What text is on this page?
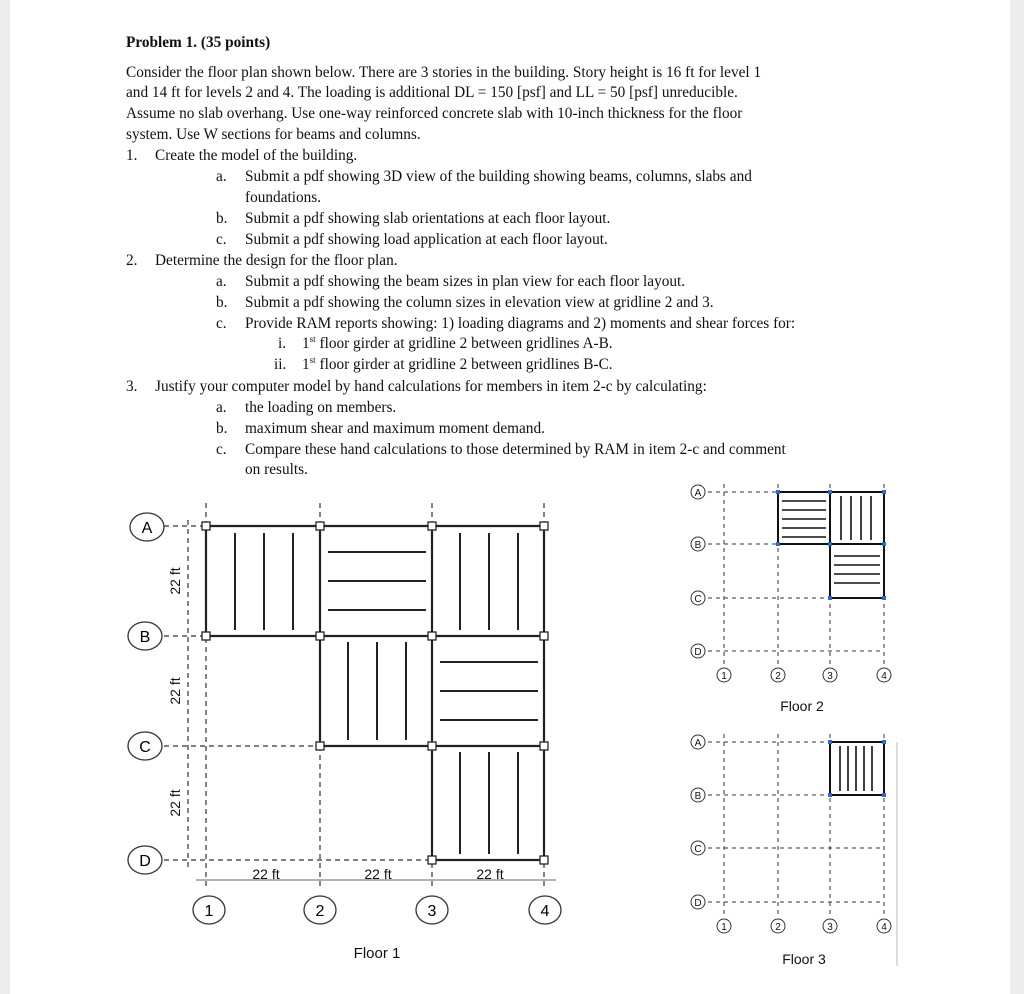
Problem 1. (35 points)
Consider the floor plan shown below. There are 3 stories in the building. Story height is 16 ft for level 1
and 14 ft for levels 2 and 4. The loading is additional DL = 150 [psf] and LL = 50 [psf] unreducible.
Assume no slab overhang. Use one-way reinforced concrete slab with 10-inch thickness for the floor
system. Use W sections for beams and columns.
1. Create the model of the building.
a. Submit a pdf showing 3D view of the building showing beams, columns, slabs and
foundations.
b. Submit a pdf showing slab orientations at each floor layout.
c. Submit a pdf showing load application at each floor layout.
2. Determine the design for the floor plan.
a. Submit a pdf showing the beam sizes in plan view for each floor layout.
b. Submit a pdf showing the column sizes in elevation view at gridline 2 and 3.
c. Provide RAM reports showing: 1) loading diagrams and 2) moments and shear forces for:
i. 1st floor girder at gridline 2 between gridlines A-B.
ii. 1st floor girder at gridline 2 between gridlines B-C.
3. Justify your computer model by hand calculations for members in item 2-c by calculating:
a. the loading on members.
b. maximum shear and maximum moment demand.
c. Compare these hand calculations to those determined by RAM in item 2-c and comment
on results.
A
B
C
D
1	2	3	4
22 ft
22 ft
22 ft
22 ft	22 ft	22 ft
Floor 1
A
B
C
D
1	2	3	4
Floor 2
A
B
C
D
1	2	3	4
Floor 3
